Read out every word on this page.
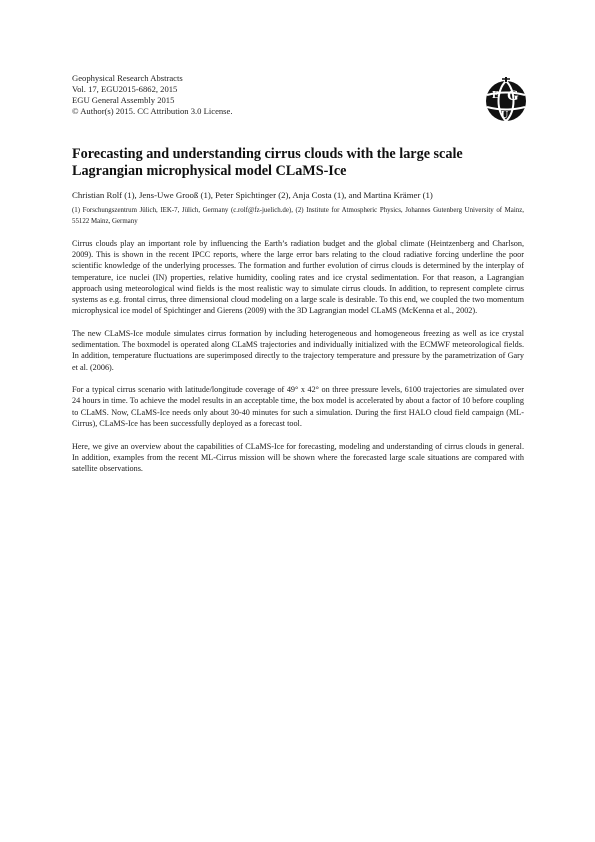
Geophysical Research Abstracts
Vol. 17, EGU2015-6862, 2015
EGU General Assembly 2015
© Author(s) 2015. CC Attribution 3.0 License.
E G
U
Forecasting and understanding cirrus clouds with the large scale Lagrangian microphysical model CLaMS-Ice
Christian Rolf (1), Jens-Uwe Grooß (1), Peter Spichtinger (2), Anja Costa (1), and Martina Krämer (1)
(1) Forschungszentrum Jülich, IEK-7, Jülich, Germany (c.rolf@fz-juelich.de), (2) Institute for Atmospheric Physics, Johannes Gutenberg University of Mainz, 55122 Mainz, Germany

Cirrus clouds play an important role by influencing the Earth’s radiation budget and the global climate (Heintzenberg and Charlson, 2009). This is shown in the recent IPCC reports, where the large error bars relating to the cloud radiative forcing underline the poor scientific knowledge of the underlying processes. The formation and further evolution of cirrus clouds is determined by the interplay of temperature, ice nuclei (IN) properties, relative humidity, cooling rates and ice crystal sedimentation. For that reason, a Lagrangian approach using meteorological wind fields is the most realistic way to simulate cirrus clouds. In addition, to represent complete cirrus systems as e.g. frontal cirrus, three dimensional cloud modeling on a large scale is desirable. To this end, we coupled the two momentum microphysical ice model of Spichtinger and Gierens (2009) with the 3D Lagrangian model CLaMS (McKenna et al., 2002).

The new CLaMS-Ice module simulates cirrus formation by including heterogeneous and homogeneous freezing as well as ice crystal sedimentation. The boxmodel is operated along CLaMS trajectories and individually initialized with the ECMWF meteorological fields. In addition, temperature fluctuations are superimposed directly to the trajectory temperature and pressure by the parametrization of Gary et al. (2006).

For a typical cirrus scenario with latitude/longitude coverage of 49° x 42° on three pressure levels, 6100 trajectories are simulated over 24 hours in time. To achieve the model results in an acceptable time, the box model is accelerated by about a factor of 10 before coupling to CLaMS. Now, CLaMS-Ice needs only about 30-40 minutes for such a simulation. During the first HALO cloud field campaign (ML-Cirrus), CLaMS-Ice has been successfully deployed as a forecast tool.

Here, we give an overview about the capabilities of CLaMS-Ice for forecasting, modeling and understanding of cirrus clouds in general. In addition, examples from the recent ML-Cirrus mission will be shown where the forecasted large scale situations are compared with satellite observations.
